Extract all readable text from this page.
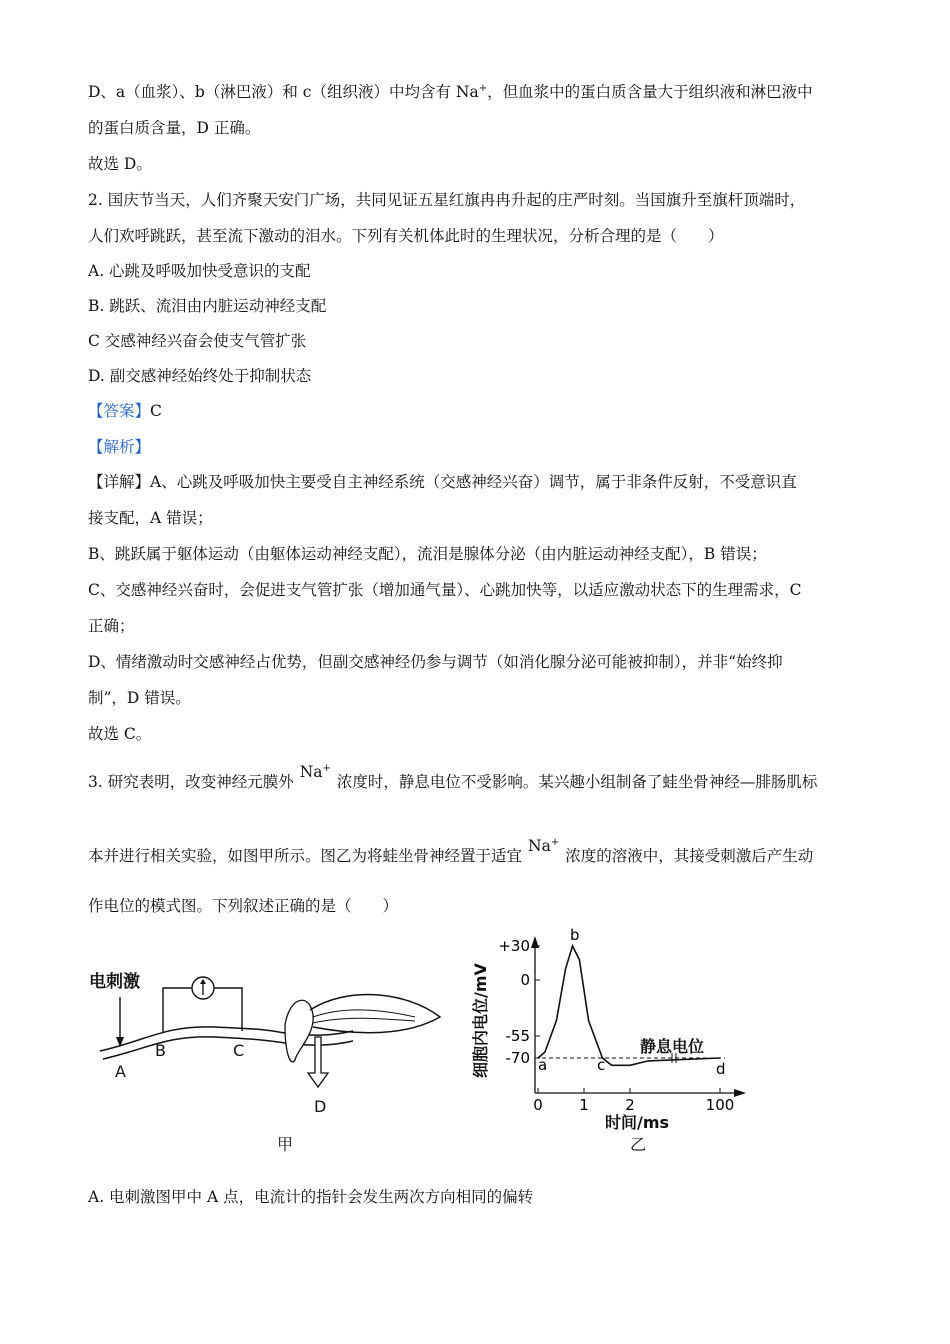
D、a（血浆）、b（淋巴液）和 c（组织液）中均含有 Na+，但血浆中的蛋白质含量大于组织液和淋巴液中
的蛋白质含量，D 正确。
故选 D。
2. 国庆节当天，人们齐聚天安门广场，共同见证五星红旗冉冉升起的庄严时刻。当国旗升至旗杆顶端时，
人们欢呼跳跃，甚至流下激动的泪水。下列有关机体此时的生理状况，分析合理的是（　　）
A. 心跳及呼吸加快受意识的支配
B. 跳跃、流泪由内脏运动神经支配
C 交感神经兴奋会使支气管扩张
D. 副交感神经始终处于抑制状态
【答案】C
【解析】
【详解】A、心跳及呼吸加快主要受自主神经系统（交感神经兴奋）调节，属于非条件反射，不受意识直
接支配，A 错误；
B、跳跃属于躯体运动（由躯体运动神经支配），流泪是腺体分泌（由内脏运动神经支配），B 错误；
C、交感神经兴奋时，会促进支气管扩张（增加通气量）、心跳加快等，以适应激动状态下的生理需求，C
正确；
D、情绪激动时交感神经占优势，但副交感神经仍参与调节（如消化腺分泌可能被抑制），并非“始终抑
制”，D 错误。
故选 C。
3. 研究表明，改变神经元膜外Na+浓度时，静息电位不受影响。某兴趣小组制备了蛙坐骨神经—腓肠肌标
本并进行相关实验，如图甲所示。图乙为将蛙坐骨神经置于适宜Na+浓度的溶液中，其接受刺激后产生动
作电位的模式图。下列叙述正确的是（　　）
电刺激
A
B	C
D
甲
细胞内电位/mV
+30
0
-55
-70
0 1 2	100
a
b
c	d
静息电位
时间/ms
乙
A. 电刺激图甲中 A 点，电流计的指针会发生两次方向相同的偏转
